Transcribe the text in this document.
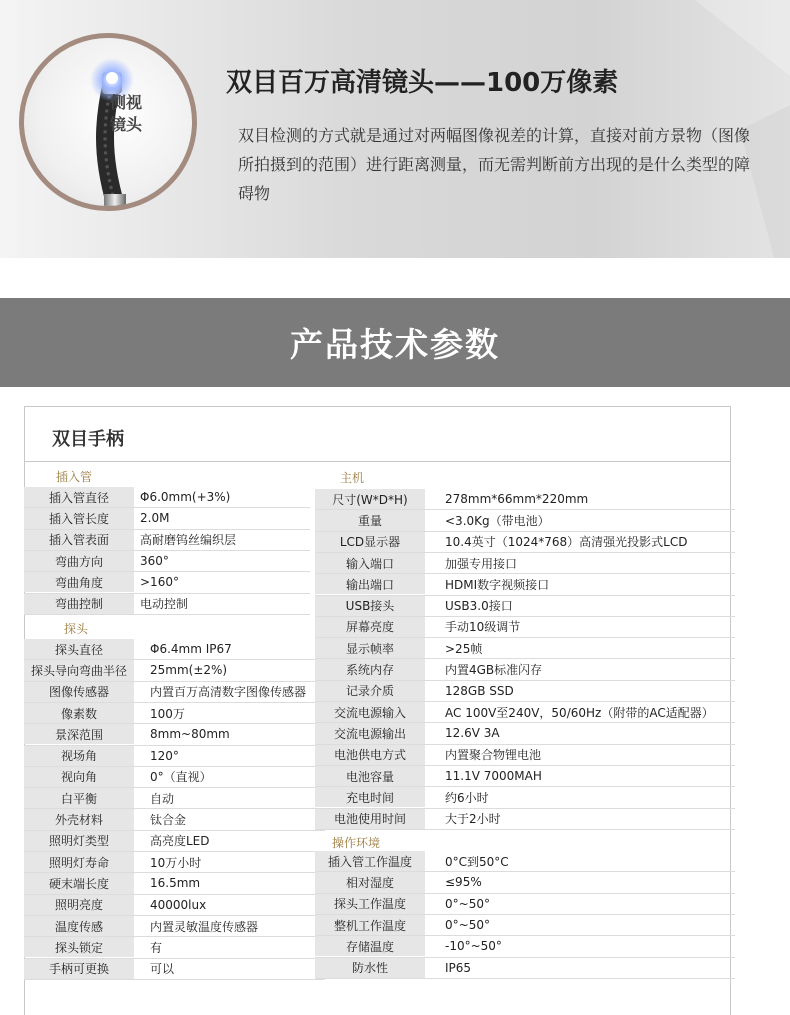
侧视
镜头
双目百万高清镜头——100万像素
双目检测的方式就是通过对两幅图像视差的计算，直接对前方景物（图像所拍摄到的范围）进行距离测量，而无需判断前方出现的是什么类型的障碍物
产品技术参数
双目手柄
插入管
插入管直径	Φ6.0mm(+3%)
插入管长度	2.0M
插入管表面	高耐磨钨丝编织层
弯曲方向	360°
弯曲角度	>160°
弯曲控制	电动控制
探头
探头直径	Φ6.4mm IP67
探头导向弯曲半径	25mm(±2%)
图像传感器	内置百万高清数字图像传感器
像素数	100万
景深范围	8mm~80mm
视场角	120°
视向角	0°（直视）
白平衡	自动
外壳材料	钛合金
照明灯类型	高亮度LED
照明灯寿命	10万小时
硬末端长度	16.5mm
照明亮度	40000lux
温度传感	内置灵敏温度传感器
探头锁定	有
手柄可更换	可以
主机
尺寸(W*D*H)	278mm*66mm*220mm
重量	<3.0Kg（带电池）
LCD显示器	10.4英寸（1024*768）高清强光投影式LCD
输入端口	加强专用接口
输出端口	HDMI数字视频接口
USB接头	USB3.0接口
屏幕亮度	手动10级调节
显示帧率	>25帧
系统内存	内置4GB标准闪存
记录介质	128GB SSD
交流电源输入	AC 100V至240V，50/60Hz（附带的AC适配器）
交流电源输出	12.6V 3A
电池供电方式	内置聚合物锂电池
电池容量	11.1V 7000MAH
充电时间	约6小时
电池使用时间	大于2小时
操作环境
插入管工作温度	0°C到50°C
相对湿度	≤95%
探头工作温度	0°~50°
整机工作温度	0°~50°
存储温度	-10°~50°
防水性	IP65
